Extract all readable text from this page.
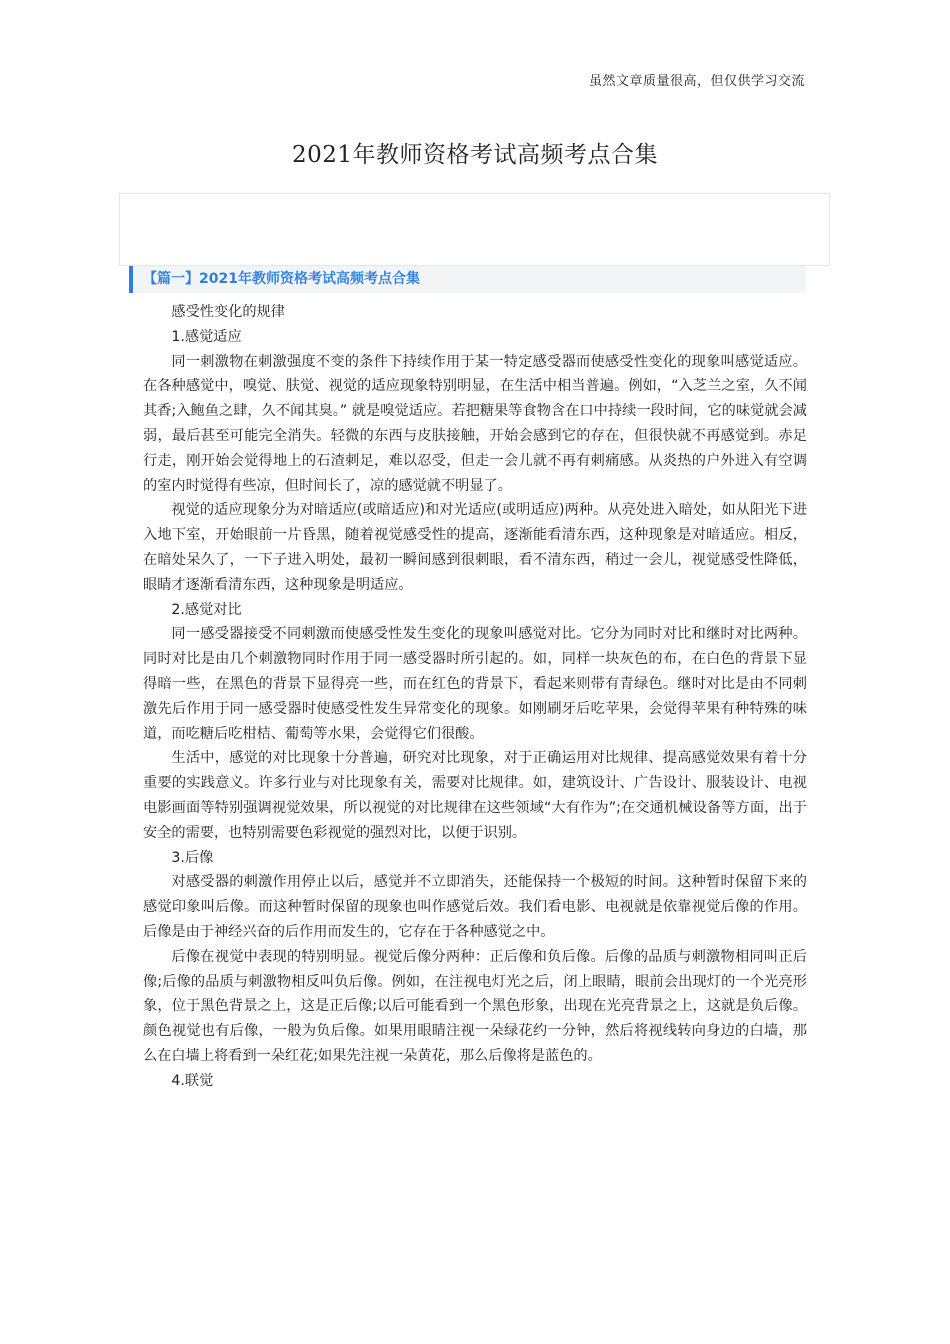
虽然文章质量很高，但仅供学习交流
2021年教师资格考试高频考点合集
【篇一】2021年教师资格考试高频考点合集

感受性变化的规律

1.感觉适应

同一刺激物在刺激强度不变的条件下持续作用于某一特定感受器而使感受性变化的现象叫感觉适应。在各种感觉中，嗅觉、肤觉、视觉的适应现象特别明显，在生活中相当普遍。例如，“入芝兰之室，久不闻其香;入鲍鱼之肆，久不闻其臭。” 就是嗅觉适应。若把糖果等食物含在口中持续一段时间，它的味觉就会减弱，最后甚至可能完全消失。轻微的东西与皮肤接触，开始会感到它的存在，但很快就不再感觉到。赤足行走，刚开始会觉得地上的石渣刺足，难以忍受，但走一会儿就不再有刺痛感。从炎热的户外进入有空调的室内时觉得有些凉，但时间长了，凉的感觉就不明显了。

视觉的适应现象分为对暗适应(或暗适应)和对光适应(或明适应)两种。从亮处进入暗处，如从阳光下进入地下室，开始眼前一片昏黑，随着视觉感受性的提高，逐渐能看清东西，这种现象是对暗适应。相反，在暗处呆久了，一下子进入明处，最初一瞬间感到很刺眼，看不清东西，稍过一会儿，视觉感受性降低，眼睛才逐渐看清东西，这种现象是明适应。

2.感觉对比

同一感受器接受不同刺激而使感受性发生变化的现象叫感觉对比。它分为同时对比和继时对比两种。同时对比是由几个刺激物同时作用于同一感受器时所引起的。如，同样一块灰色的布，在白色的背景下显得暗一些，在黑色的背景下显得亮一些，而在红色的背景下，看起来则带有青绿色。继时对比是由不同刺激先后作用于同一感受器时使感受性发生异常变化的现象。如刚刷牙后吃苹果，会觉得苹果有种特殊的味道，而吃糖后吃柑桔、葡萄等水果，会觉得它们很酸。

生活中，感觉的对比现象十分普遍，研究对比现象，对于正确运用对比规律、提高感觉效果有着十分重要的实践意义。许多行业与对比现象有关，需要对比规律。如，建筑设计、广告设计、服装设计、电视电影画面等特别强调视觉效果，所以视觉的对比规律在这些领域“大有作为”;在交通机械设备等方面，出于安全的需要，也特别需要色彩视觉的强烈对比，以便于识别。

3.后像

对感受器的刺激作用停止以后，感觉并不立即消失，还能保持一个极短的时间。这种暂时保留下来的感觉印象叫后像。而这种暂时保留的现象也叫作感觉后效。我们看电影、电视就是依靠视觉后像的作用。后像是由于神经兴奋的后作用而发生的，它存在于各种感觉之中。

后像在视觉中表现的特别明显。视觉后像分两种：正后像和负后像。后像的品质与刺激物相同叫正后像;后像的品质与刺激物相反叫负后像。例如，在注视电灯光之后，闭上眼睛，眼前会出现灯的一个光亮形象，位于黑色背景之上，这是正后像;以后可能看到一个黑色形象，出现在光亮背景之上，这就是负后像。颜色视觉也有后像，一般为负后像。如果用眼睛注视一朵绿花约一分钟，然后将视线转向身边的白墙，那么在白墙上将看到一朵红花;如果先注视一朵黄花，那么后像将是蓝色的。

4.联觉
